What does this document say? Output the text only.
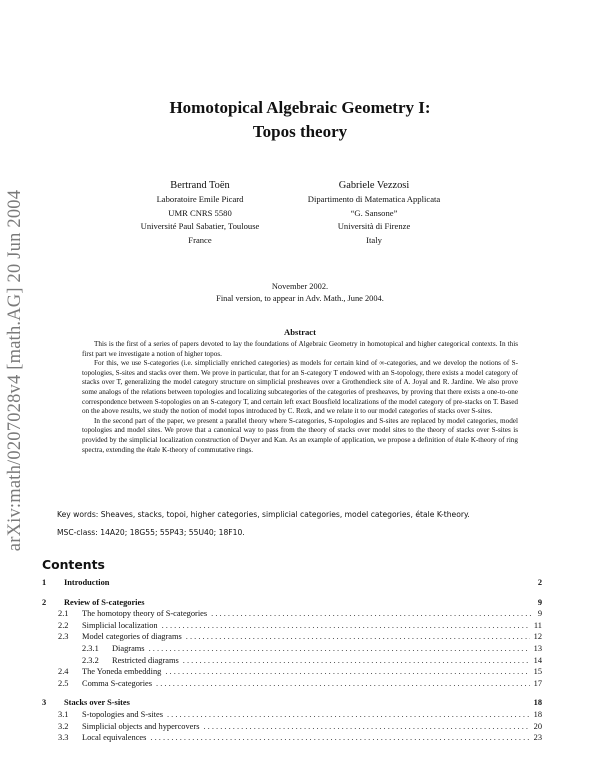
arXiv:math/0207028v4 [math.AG] 20 Jun 2004
Homotopical Algebraic Geometry I:
Topos theory
Bertrand Toën
Laboratoire Emile Picard
UMR CNRS 5580
Université Paul Sabatier, Toulouse
France
Gabriele Vezzosi
Dipartimento di Matematica Applicata
“G. Sansone”
Università di Firenze
Italy
November 2002.
Final version, to appear in Adv. Math., June 2004.
Abstract

This is the first of a series of papers devoted to lay the foundations of Algebraic Geometry in homotopical and higher categorical contexts. In this first part we investigate a notion of higher topos.

For this, we use S-categories (i.e. simplicially enriched categories) as models for certain kind of ∞-categories, and we develop the notions of S-topologies, S-sites and stacks over them. We prove in particular, that for an S-category T endowed with an S-topology, there exists a model category of stacks over T, generalizing the model category structure on simplicial presheaves over a Grothendieck site of A. Joyal and R. Jardine. We also prove some analogs of the relations between topologies and localizing subcategories of the categories of presheaves, by proving that there exists a one-to-one correspondence between S-topologies on an S-category T, and certain left exact Bousfield localizations of the model category of pre-stacks on T. Based on the above results, we study the notion of model topos introduced by C. Rezk, and we relate it to our model categories of stacks over S-sites.

In the second part of the paper, we present a parallel theory where S-categories, S-topologies and S-sites are replaced by model categories, model topologies and model sites. We prove that a canonical way to pass from the theory of stacks over model sites to the theory of stacks over S-sites is provided by the simplicial localization construction of Dwyer and Kan. As an example of application, we propose a definition of étale K-theory of ring spectra, extending the étale K-theory of commutative rings.

Key words: Sheaves, stacks, topoi, higher categories, simplicial categories, model categories, étale K-theory.
MSC-class: 14A20; 18G55; 55P43; 55U40; 18F10.
Contents
1	Introduction	2
2	Review of S-categories	9
2.1	The homotopy theory of S-categories . . .	9
2.2	Simplicial localization . . .	11
2.3	Model categories of diagrams . . .	12
2.3.1	Diagrams . . .	13
2.3.2	Restricted diagrams . . .	14
2.4	The Yoneda embedding . . .	15
2.5	Comma S-categories . . .	17
3	Stacks over S-sites	18
3.1	S-topologies and S-sites . . .	18
3.2	Simplicial objects and hypercovers . . .	20
3.3	Local equivalences . . .	23
